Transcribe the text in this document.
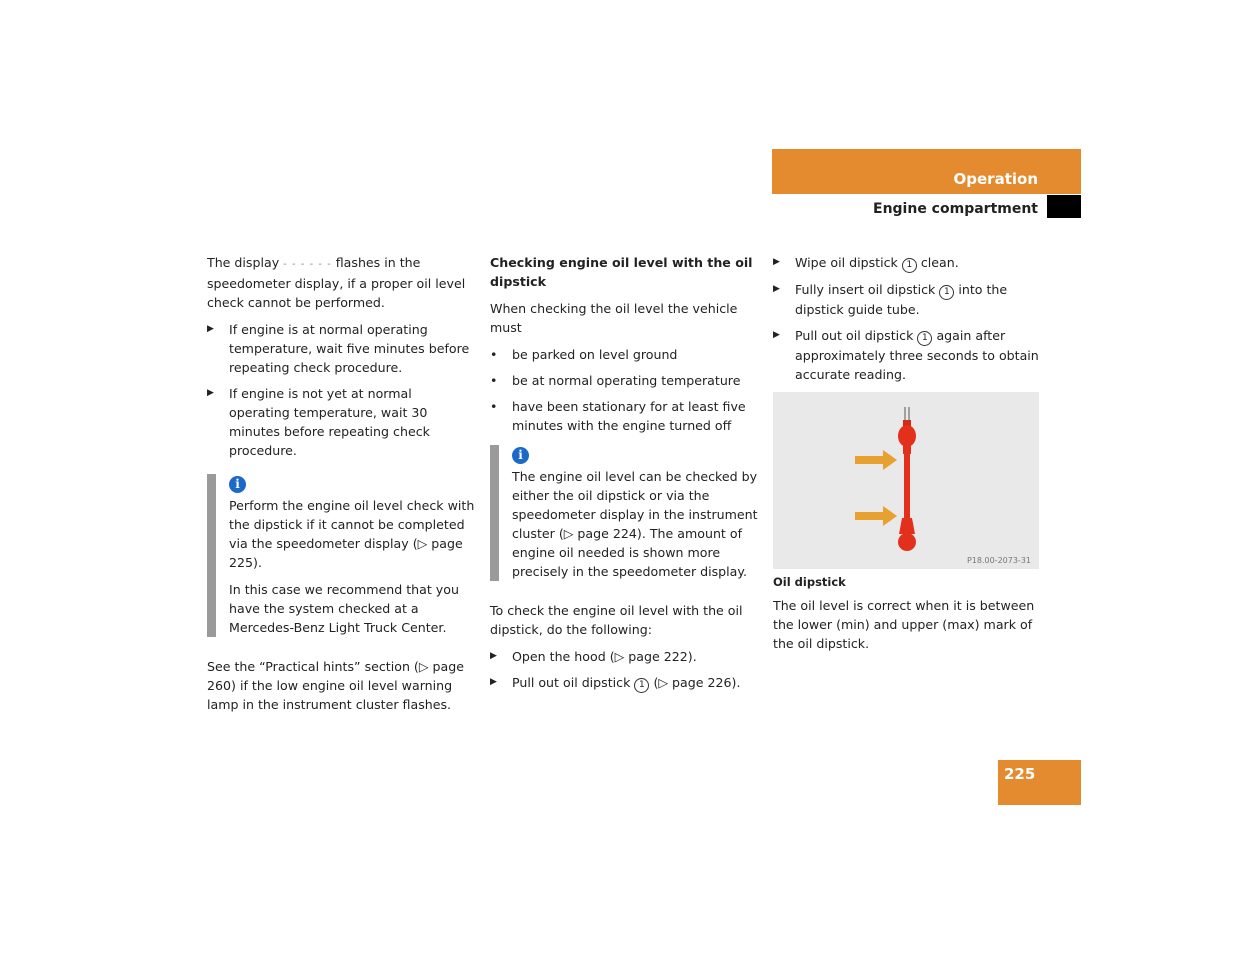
Operation
Engine compartment

The display - - - - - - flashes in the speedometer display, if a proper oil level check cannot be performed.

▶ If engine is at normal operating temperature, wait five minutes before repeating check procedure.
▶ If engine is not yet at normal operating temperature, wait 30 minutes before repeating check procedure.
i

Perform the engine oil level check with the dipstick if it cannot be completed via the speedometer display (▷ page 225).

In this case we recommend that you have the system checked at a Mercedes-Benz Light Truck Center.

See the “Practical hints” section (▷ page 260) if the low engine oil level warning lamp in the instrument cluster flashes.

Checking engine oil level with the oil dipstick

When checking the oil level the vehicle must

• be parked on level ground
• be at normal operating temperature
• have been stationary for at least five minutes with the engine turned off
i

The engine oil level can be checked by either the oil dipstick or via the speedometer display in the instrument cluster (▷ page 224). The amount of engine oil needed is shown more precisely in the speedometer display.

To check the engine oil level with the oil dipstick, do the following:

▶ Open the hood (▷ page 222).
▶ Pull out oil dipstick 1 (▷ page 226).
▶ Wipe oil dipstick 1 clean.
▶ Fully insert oil dipstick 1 into the dipstick guide tube.
▶ Pull out oil dipstick 1 again after approximately three seconds to obtain accurate reading.
P18.00-2073-31

Oil dipstick

The oil level is correct when it is between the lower (min) and upper (max) mark of the oil dipstick.

225
